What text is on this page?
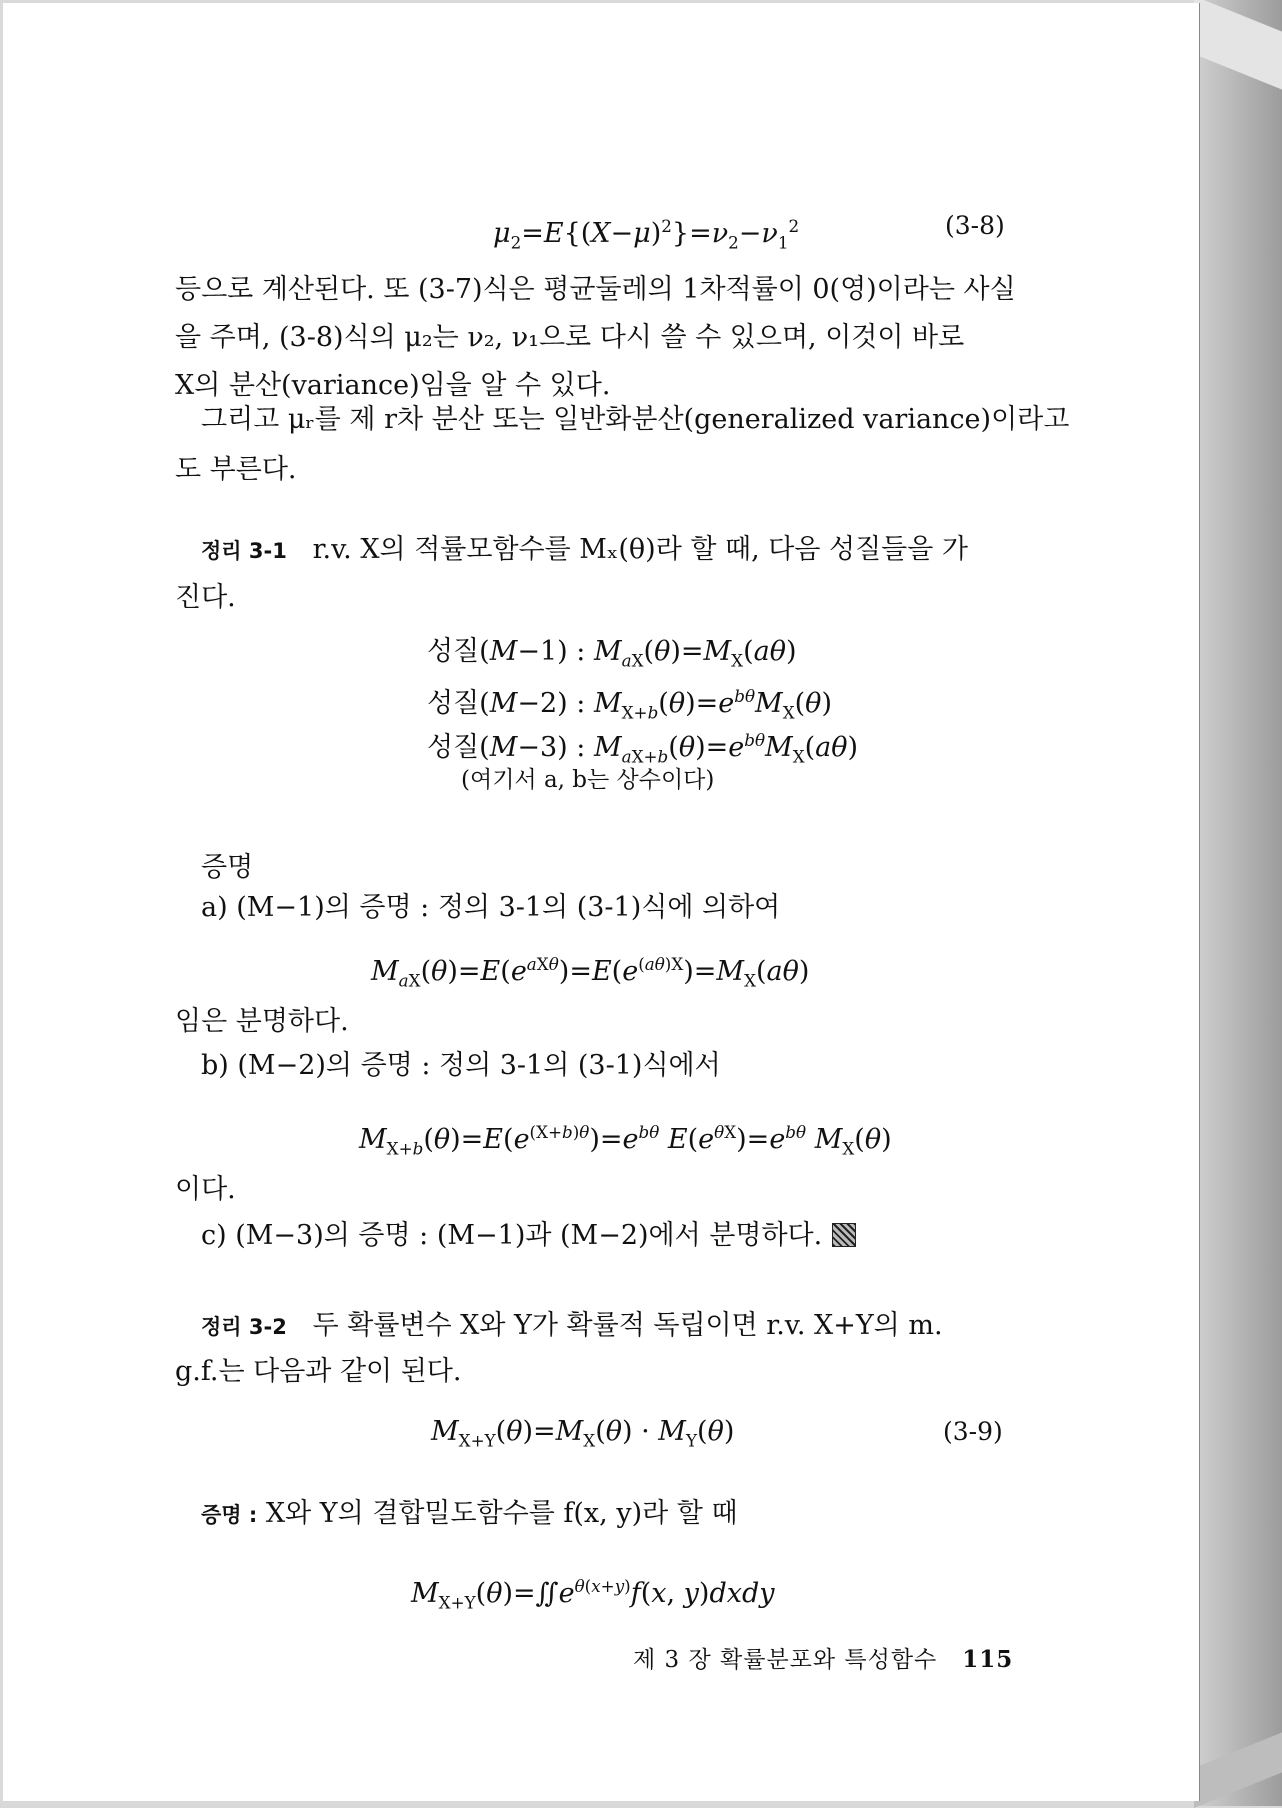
$\mu_2=E\{(X-\mu)^2\}=\nu_2-\nu_1^2$	(3-8)
등으로 계산된다. 또 (3-7)식은 평균둘레의 1차적률이 0(영)이라는 사실
을 주며, (3-8)식의 μ₂는 ν₂, ν₁으로 다시 쓸 수 있으며, 이것이 바로
X의 분산(variance)임을 알 수 있다.
그리고 μᵣ를 제 r차 분산 또는 일반화분산(generalized variance)이라고
도 부른다.
정리 3-1 r.v. X의 적률모함수를 Mₓ(θ)라 할 때, 다음 성질들을 가
진다.
성질(M−1) : $M_{aX}(\theta)=M_X(a\theta)$
성질(M−2) : $M_{X+b}(\theta)=e^{b\theta}M_X(\theta)$
성질(M−3) : $M_{aX+b}(\theta)=e^{b\theta}M_X(a\theta)$
(여기서 a, b는 상수이다)
증명
a) (M−1)의 증명 : 정의 3-1의 (3-1)식에 의하여
$M_{aX}(\theta)=E(e^{aX\theta})=E(e^{(a\theta)X})=M_X(a\theta)$
임은 분명하다.
b) (M−2)의 증명 : 정의 3-1의 (3-1)식에서
$M_{X+b}(\theta)=E(e^{(X+b)\theta})=e^{b\theta}$ $E(e^{\theta X})=e^{b\theta}$ $M_X(\theta)$
이다.
c) (M−3)의 증명 : (M−1)과 (M−2)에서 분명하다.
정리 3-2 두 확률변수 X와 Y가 확률적 독립이면 r.v. X+Y의 m.
g.f.는 다음과 같이 된다.
$M_{X+Y}(\theta)=M_X(\theta) \cdot M_Y(\theta)$	(3-9)
증명 : X와 Y의 결합밀도함수를 f(x, y)라 할 때
$M_{X+Y}(\theta)=∬e^{\theta(x+y)}f(x$, y)dxdy
제 3 장 확률분포와 특성함수 115
